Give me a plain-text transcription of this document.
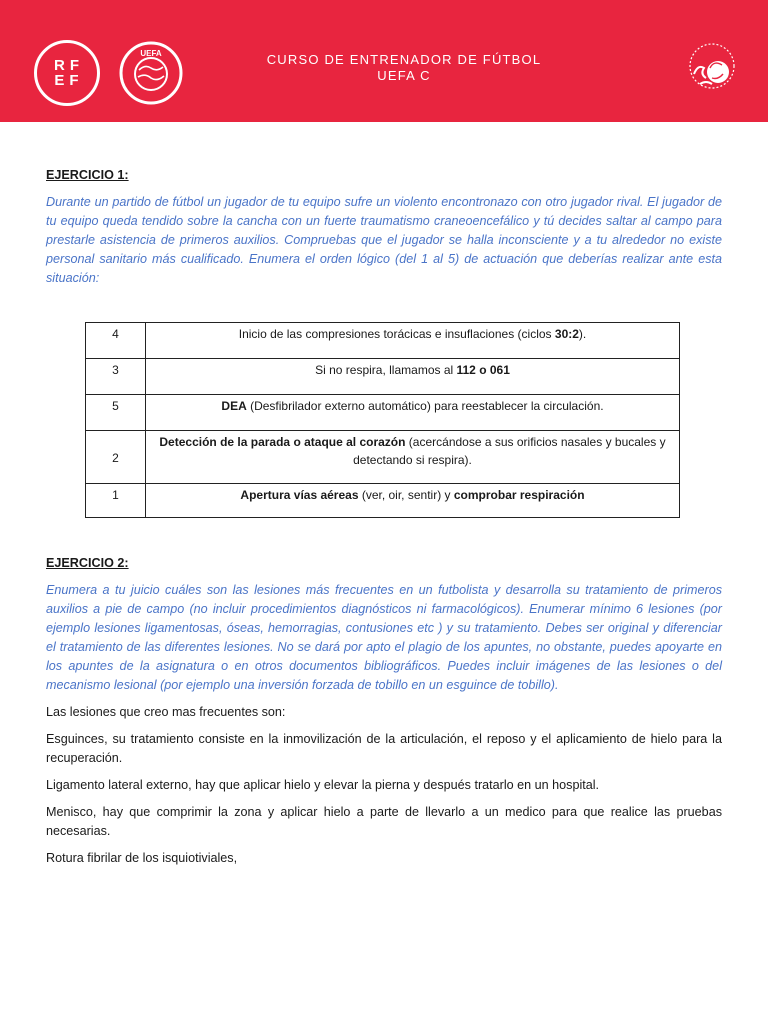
RF
EF
UEFA	CURSO DE ENTRENADOR DE FÚTBOL
UEFA C
EJERCICIO 1:

Durante un partido de fútbol un jugador de tu equipo sufre un violento encontronazo con otro jugador rival. El jugador de tu equipo queda tendido sobre la cancha con un fuerte traumatismo craneoencefálico y tú decides saltar al campo para prestarle asistencia de primeros auxilios. Compruebas que el jugador se halla inconsciente y a tu alrededor no existe personal sanitario más cualificado. Enumera el orden lógico (del 1 al 5) de actuación que deberías realizar ante esta situación:

4	Inicio de las compresiones torácicas e insuflaciones (ciclos 30:2).
3	Si no respira, llamamos al 112 o 061
5	DEA (Desfibrilador externo automático) para reestablecer la circulación.
2	Detección de la parada o ataque al corazón (acercándose a sus orificios nasales y bucales y detectando si respira).
1	Apertura vías aéreas (ver, oir, sentir) y comprobar respiración
EJERCICIO 2:

Enumera a tu juicio cuáles son las lesiones más frecuentes en un futbolista y desarrolla su tratamiento de primeros auxilios a pie de campo (no incluir procedimientos diagnósticos ni farmacológicos). Enumerar mínimo 6 lesiones (por ejemplo lesiones ligamentosas, óseas, hemorragias, contusiones etc ) y su tratamiento. Debes ser original y diferenciar el tratamiento de las diferentes lesiones. No se dará por apto el plagio de los apuntes, no obstante, puedes apoyarte en los apuntes de la asignatura o en otros documentos bibliográficos. Puedes incluir imágenes de las lesiones o del mecanismo lesional (por ejemplo una inversión forzada de tobillo en un esguince de tobillo).

Las lesiones que creo mas frecuentes son:

Esguinces, su tratamiento consiste en la inmovilización de la articulación, el reposo y el aplicamiento de hielo para la recuperación.

Ligamento lateral externo, hay que aplicar hielo y elevar la pierna y después tratarlo en un hospital.

Menisco, hay que comprimir la zona y aplicar hielo a parte de llevarlo a un medico para que realice las pruebas necesarias.

Rotura fibrilar de los isquiotiviales,
